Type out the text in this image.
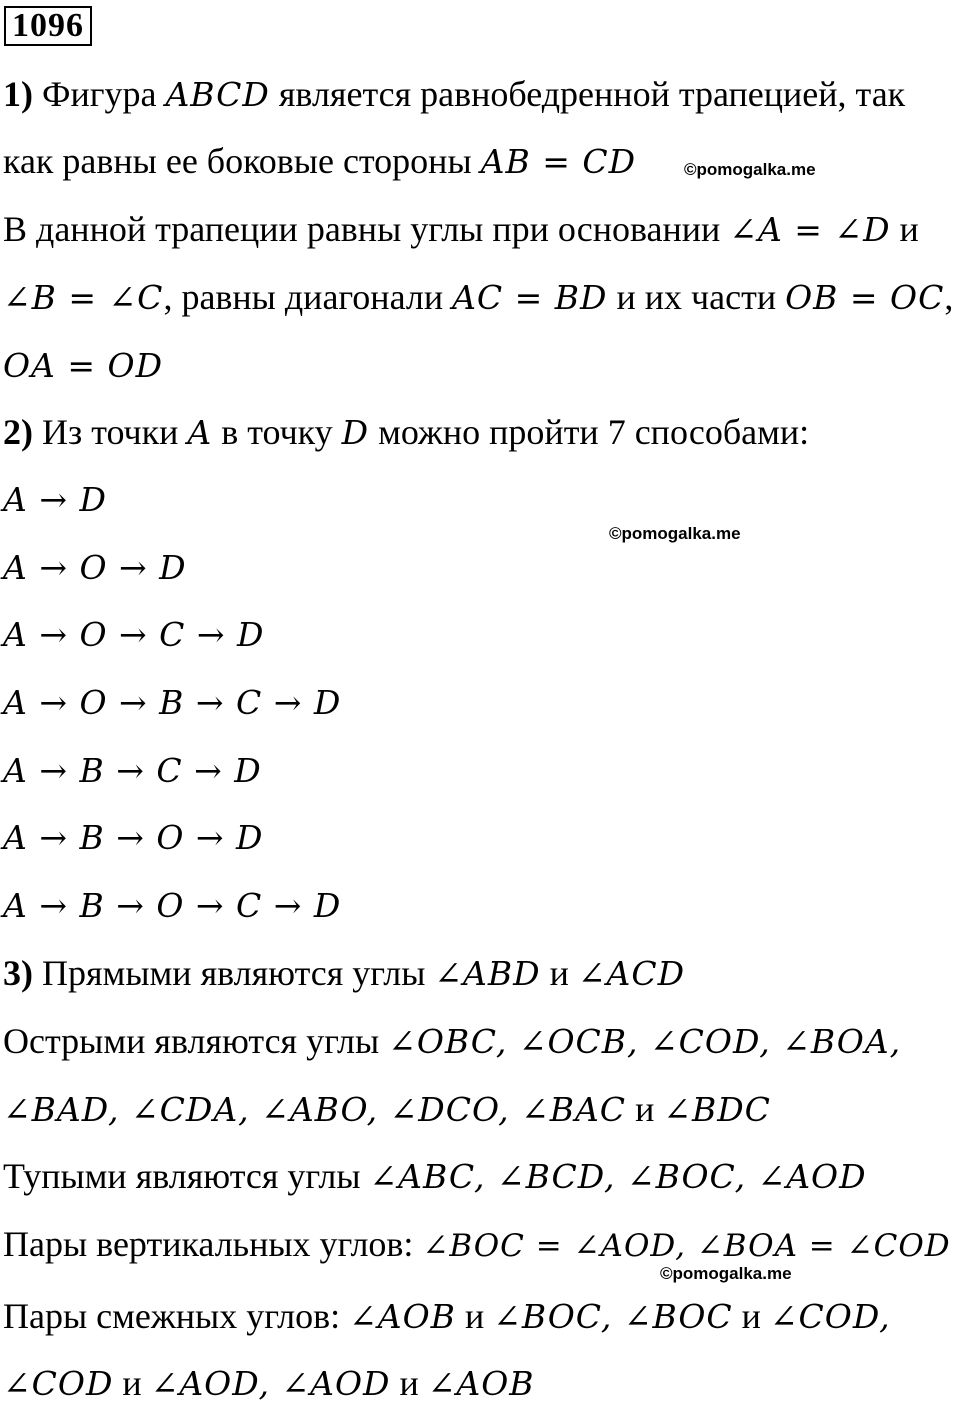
1096
1) Фигура ABCD является равнобедренной трапецией, так
как равны ее боковые стороны AB = CD	©pomogalka.me
В данной трапеции равны углы при основании ∠A = ∠D и
∠B = ∠C, равны диагонали AC = BD и их части OB = OC,
OA = OD
2) Из точки A в точку D можно пройти 7 способами:
A → D
©pomogalka.me
A → O → D
A → O → C → D
A → O → B → C → D
A → B → C → D
A → B → O → D
A → B → O → C → D
3) Прямыми являются углы ∠ABD и ∠ACD
Острыми являются углы ∠OBC, ∠OCB, ∠COD, ∠BOA,
∠BAD, ∠CDA, ∠ABO, ∠DCO, ∠BAC и ∠BDC
Тупыми являются углы ∠ABC, ∠BCD, ∠BOC, ∠AOD
Пары вертикальных углов: ∠BOC = ∠AOD, ∠BOA = ∠COD
©pomogalka.me
Пары смежных углов: ∠AOB и ∠BOC, ∠BOC и ∠COD,
∠COD и ∠AOD, ∠AOD и ∠AOB
